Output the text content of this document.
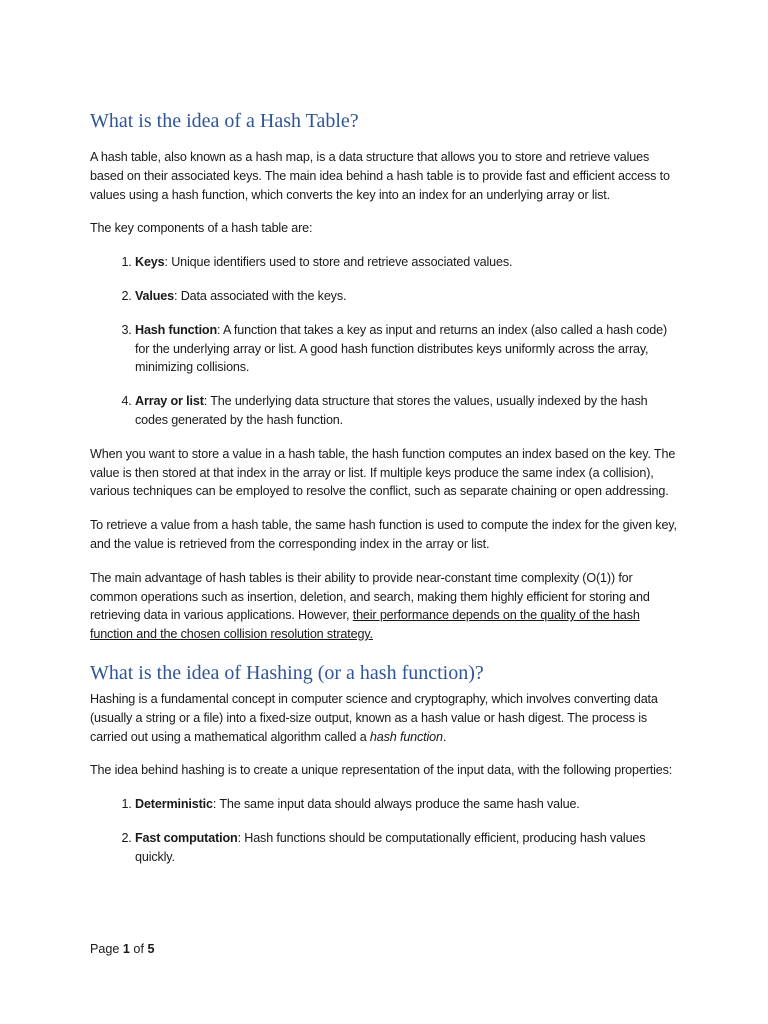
What is the idea of a Hash Table?

A hash table, also known as a hash map, is a data structure that allows you to store and retrieve values based on their associated keys. The main idea behind a hash table is to provide fast and efficient access to values using a hash function, which converts the key into an index for an underlying array or list.

The key components of a hash table are:

1. Keys: Unique identifiers used to store and retrieve associated values.
2. Values: Data associated with the keys.
3. Hash function: A function that takes a key as input and returns an index (also called a hash code) for the underlying array or list. A good hash function distributes keys uniformly across the array, minimizing collisions.
4. Array or list: The underlying data structure that stores the values, usually indexed by the hash codes generated by the hash function.

When you want to store a value in a hash table, the hash function computes an index based on the key. The value is then stored at that index in the array or list. If multiple keys produce the same index (a collision), various techniques can be employed to resolve the conflict, such as separate chaining or open addressing.

To retrieve a value from a hash table, the same hash function is used to compute the index for the given key, and the value is retrieved from the corresponding index in the array or list.

The main advantage of hash tables is their ability to provide near-constant time complexity (O(1)) for common operations such as insertion, deletion, and search, making them highly efficient for storing and retrieving data in various applications. However, their performance depends on the quality of the hash function and the chosen collision resolution strategy.

What is the idea of Hashing (or a hash function)?

Hashing is a fundamental concept in computer science and cryptography, which involves converting data (usually a string or a file) into a fixed-size output, known as a hash value or hash digest. The process is carried out using a mathematical algorithm called a hash function.

The idea behind hashing is to create a unique representation of the input data, with the following properties:

1. Deterministic: The same input data should always produce the same hash value.
2. Fast computation: Hash functions should be computationally efficient, producing hash values quickly.
Page 1 of 5
